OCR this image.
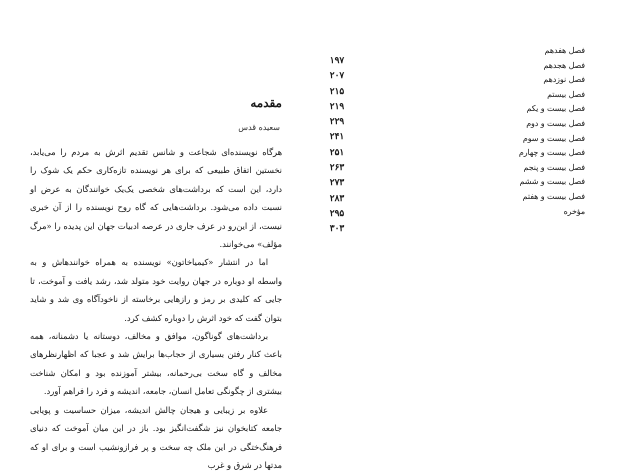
مقدمه
سعیده قدس

هرگاه نویسنده‌ای شجاعت و شانس تقدیم اثرش به مردم را می‌یابد، نخستین اتفاق طبیعی که برای هر نویسنده تازه‌کاری حکم یک شوک را دارد، این است که برداشت‌های شخصی یک‌یک خوانندگان به عرض او نسبت داده می‌شود. برداشت‌هایی که گاه روح نویسنده را از آن خبری نیست، از این‌رو در عرف جاری در عرصه ادبیات جهان این پدیده را «مرگ مؤلف» می‌خوانند.

اما در انتشار «کیمیاخاتون» نویسنده به همراه خوانندهاش و به واسطه او دوباره در جهان روایت خود متولد شد، رشد یافت و آموخت، تا جایی که کلیدی بر رمز و رازهایی برخاسته از ناخودآگاه وی شد و شاید بتوان گفت که خود اثرش را دوباره کشف کرد.

برداشت‌های گوناگون، موافق و مخالف، دوستانه یا دشمنانه، همه باعث کنار رفتن بسیاری از حجاب‌ها برایش شد و عجبا که اظهارنظرهای مخالف و گاه سخت بی‌رحمانه، بیشتر آموزنده بود و امکان شناخت بیشتری از چگونگی تعامل انسان، جامعه، اندیشه و فرد را فراهم آورد.

علاوه بر زیبایی و هیجان چالش اندیشه، میزان حساسیت و پویایی جامعه کتابخوان نیز شگفت‌انگیز بود. باز در این میان آموخت که دنیای فرهنگ‌ختگی در این ملک چه سخت و پر فرازونشیب است و برای او که مدتها در شرق و غرب

۱۹۷
۲۰۷
۲۱۵
۲۱۹
۲۲۹
۲۴۱
۲۵۱
۲۶۳
۲۷۳
۲۸۳
۲۹۵
۳۰۳
فصل هفدهم
فصل هجدهم
فصل نوزدهم
فصل بیستم
فصل بیست و یکم
فصل بیست و دوم
فصل بیست و سوم
فصل بیست و چهارم
فصل بیست و پنجم
فصل بیست و ششم
فصل بیست و هفتم
مؤخره
